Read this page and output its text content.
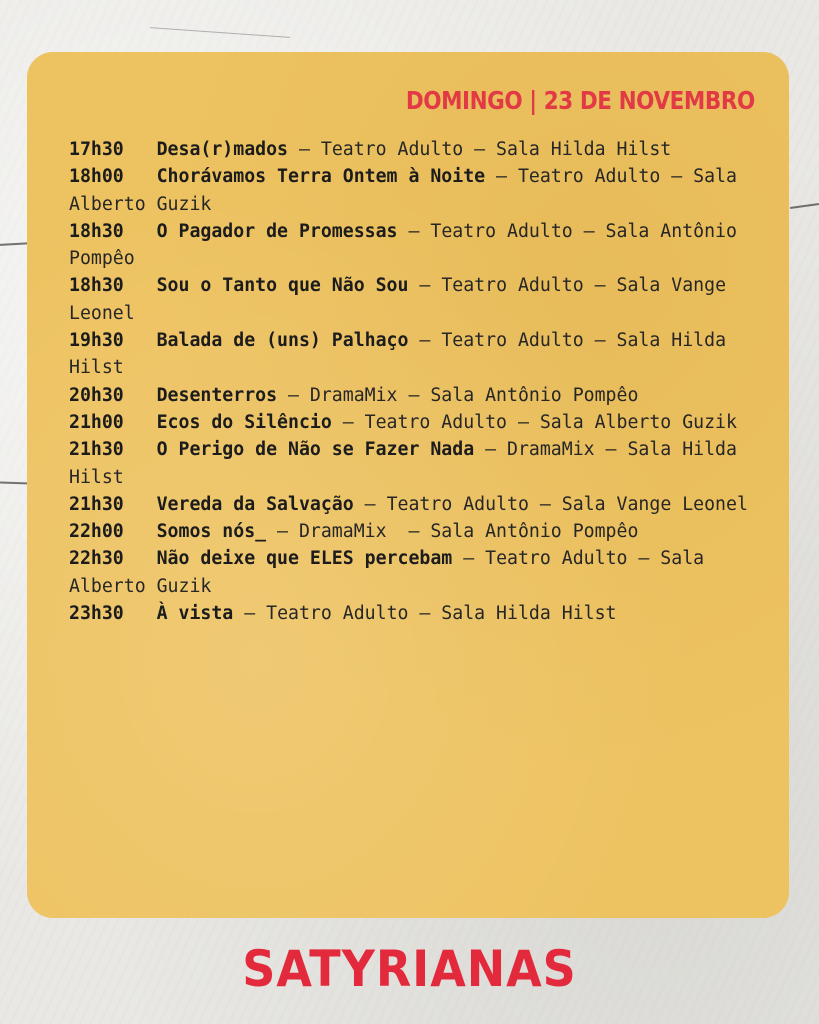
DOMINGO | 23 DE NOVEMBRO

17h30 Desa(r)mados – Teatro Adulto – Sala Hilda Hilst

18h00 Chorávamos Terra Ontem à Noite – Teatro Adulto – Sala Alberto Guzik

18h30 O Pagador de Promessas – Teatro Adulto – Sala Antônio Pompêo

18h30 Sou o Tanto que Não Sou – Teatro Adulto – Sala Vange Leonel

19h30 Balada de (uns) Palhaço – Teatro Adulto – Sala Hilda Hilst

20h30 Desenterros – DramaMix – Sala Antônio Pompêo

21h00 Ecos do Silêncio – Teatro Adulto – Sala Alberto Guzik

21h30 O Perigo de Não se Fazer Nada – DramaMix – Sala Hilda Hilst

21h30 Vereda da Salvação – Teatro Adulto – Sala Vange Leonel

22h00 Somos nós_ – DramaMix  – Sala Antônio Pompêo

22h30 Não deixe que ELES percebam – Teatro Adulto – Sala Alberto Guzik

23h30 À vista – Teatro Adulto – Sala Hilda Hilst

SATYRIANAS
